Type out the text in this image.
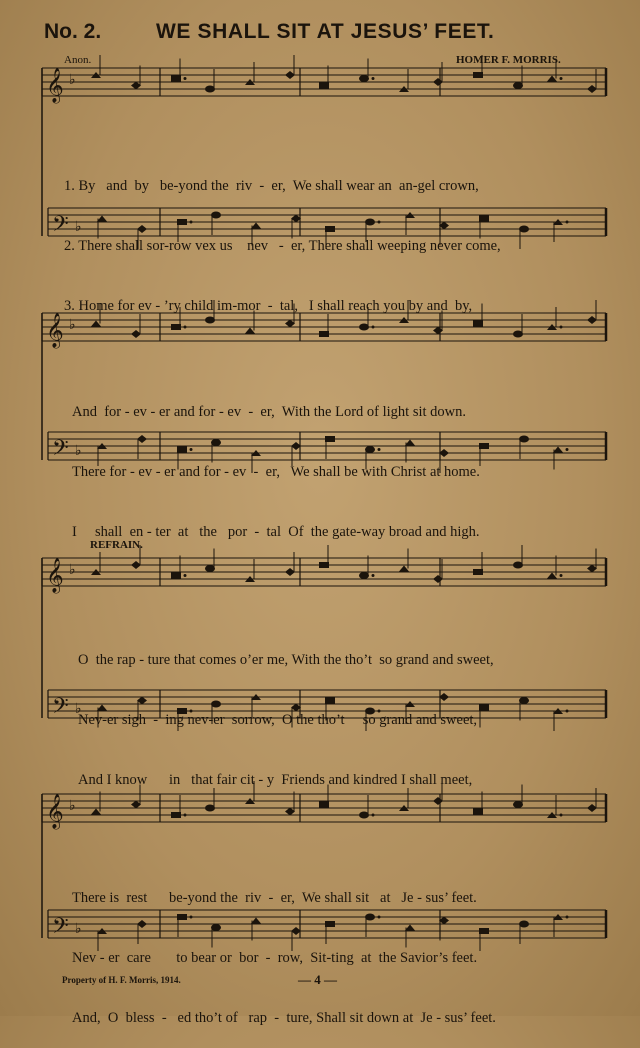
No. 2.	WE SHALL SIT AT JESUS’ FEET.
Anon.	HOMER F. MORRIS.
𝄞 ♭
𝄢 ♭
𝄞 ♭
𝄢 ♭
𝄞 ♭
𝄢 ♭
𝄞 ♭
𝄢 ♭

1. By   and  by   be-yond the  riv  -  er,  We shall wear an  an-gel crown,

2. There shall sor-row vex us    nev   -  er, There shall weeping never come,

3. Home for ev - ’ry child im-mor  -  tal,   I shall reach you by and  by,

And  for - ev - er and for - ev  -  er,  With the Lord of light sit down.

There for - ev - er and for - ev  -  er,   We shall be with Christ at home.

I     shall  en - ter  at   the   por  -  tal  Of  the gate-way broad and high.

REFRAIN.

O  the rap - ture that comes o’er me, With the tho’t  so grand and sweet,

Nev-er sigh  -  ing nev-er  sorrow,  O the tho’t     so grand and sweet,

And I know      in   that fair cit - y  Friends and kindred I shall meet,

There is  rest      be-yond the  riv  -  er,  We shall sit   at   Je - sus’ feet.

Nev - er  care       to bear or  bor  -  row,  Sit-ting  at  the Savior’s feet.

And,  O  bless  -   ed tho’t of   rap  -  ture, Shall sit down at  Je - sus’ feet.

Property of H. F. Morris, 1914.	— 4 —
